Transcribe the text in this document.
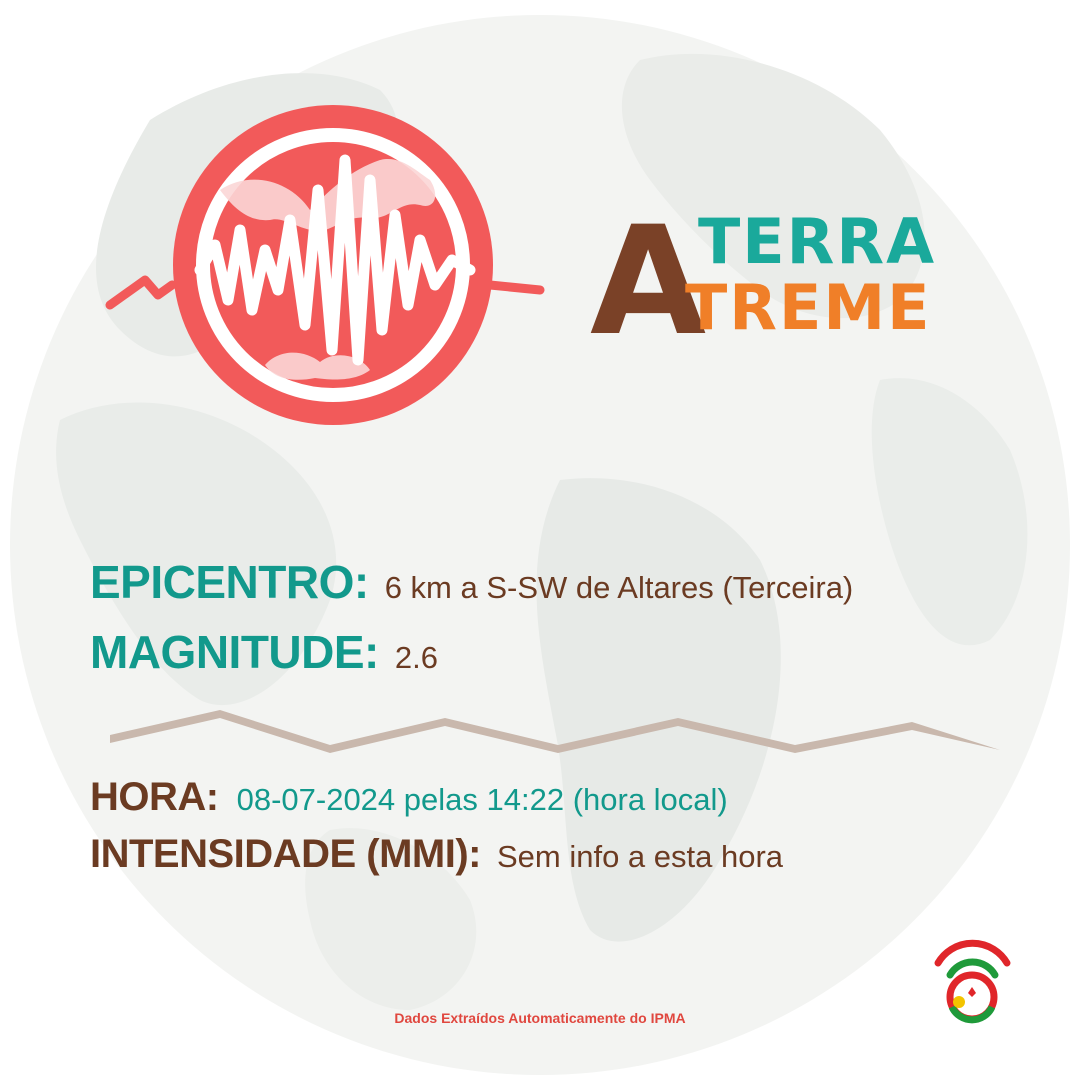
A
TERRA
TREME
EPICENTRO: 6 km a S-SW de Altares (Terceira)
MAGNITUDE: 2.6
HORA: 08-07-2024 pelas 14:22 (hora local)
INTENSIDADE (MMI): Sem info a esta hora
Dados Extraídos Automaticamente do IPMA
